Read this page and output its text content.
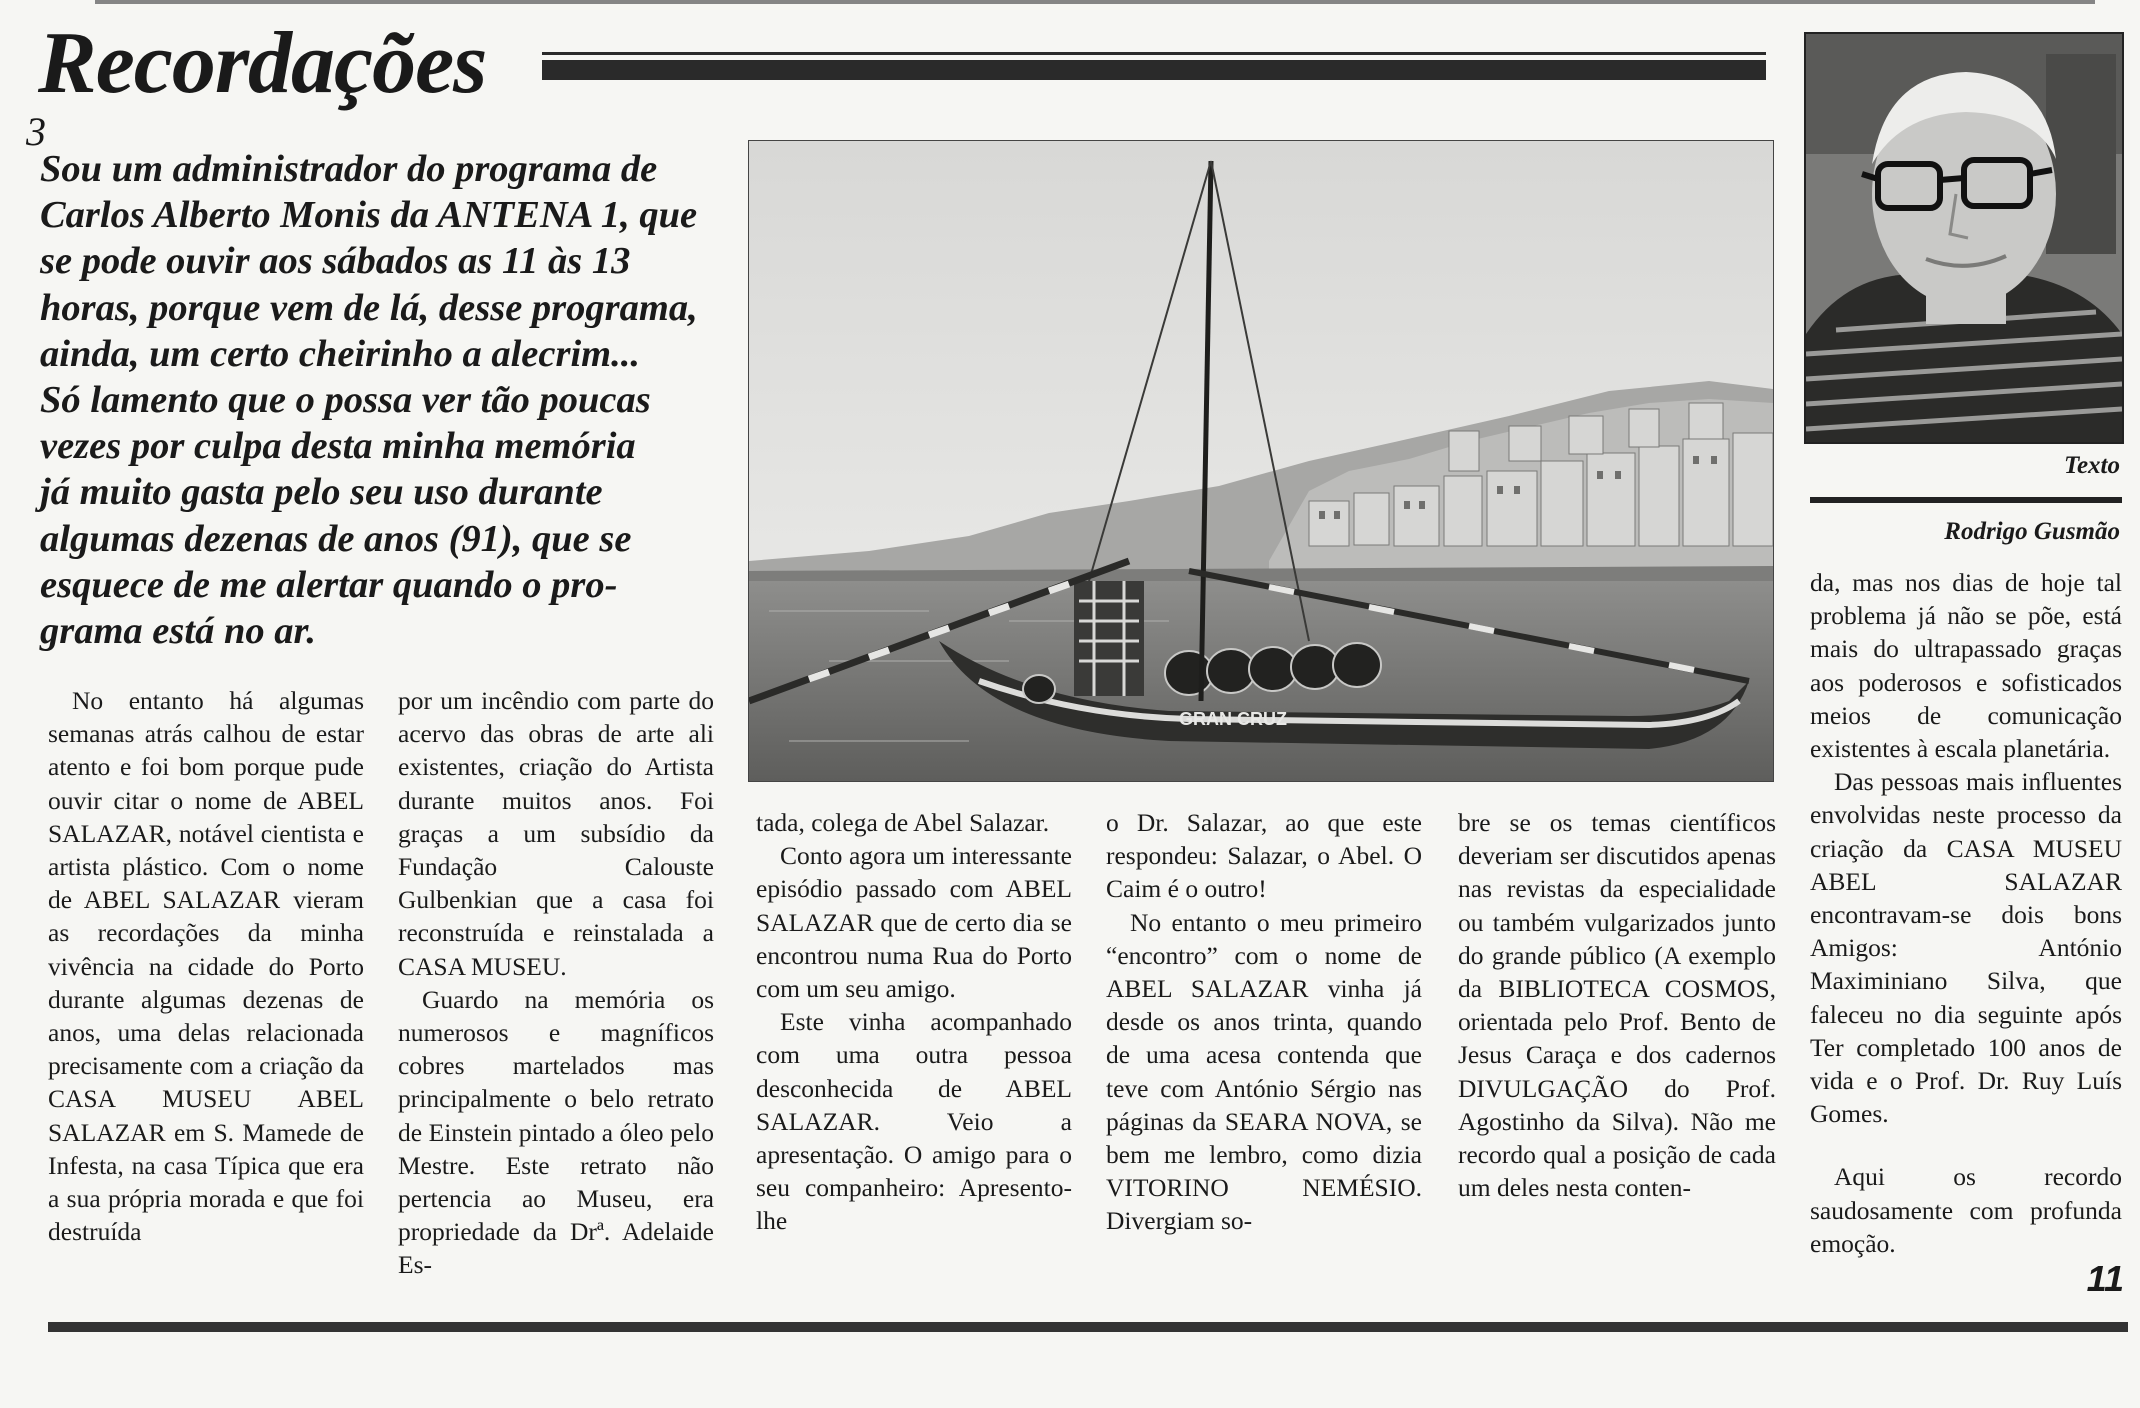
Recordações
3

Sou um administrador do programa de

Carlos Alberto Monis da ANTENA 1, que

se pode ouvir aos sábados as 11 às 13

horas, porque vem de lá, desse programa,

ainda, um certo cheirinho a alecrim...

Só lamento que o possa ver tão poucas

vezes por culpa desta minha memória

já muito gasta pelo seu uso durante

algumas dezenas de anos (91), que se

esquece de me alertar quando o pro-

grama está no ar.

GRAN CRUZ
Texto
Rodrigo Gusmão

No entanto há algumas semanas atrás calhou de estar atento e foi bom porque pude ouvir citar o nome de ABEL SALAZAR, notável cientista e artista plástico. Com o nome de ABEL SALAZAR vieram as recordações da minha vivência na cidade do Porto durante algumas dezenas de anos, uma delas relacionada precisamente com a criação da CASA MUSEU ABEL SALAZAR em S. Mamede de Infesta, na casa Típica que era a sua própria morada e que foi destruída

por um incêndio com parte do acervo das obras de arte ali existentes, criação do Artista durante muitos anos. Foi graças a um subsídio da Fundação Calouste Gulbenkian que a casa foi reconstruída e reinstalada a CASA MUSEU.

Guardo na memória os numerosos e magníficos cobres martelados mas principalmente o belo retrato de Einstein pintado a óleo pelo Mestre. Este retrato não pertencia ao Museu, era propriedade da Drª. Adelaide Es-

tada, colega de Abel Salazar.

Conto agora um interessante episódio passado com ABEL SALAZAR que de certo dia se encontrou numa Rua do Porto com um seu amigo.

Este vinha acompanhado com uma outra pessoa desconhecida de ABEL SALAZAR. Veio a apresentação. O amigo para o seu companheiro: Apresento-lhe

o Dr. Salazar, ao que este respondeu: Salazar, o Abel. O Caim é o outro!

No entanto o meu primeiro “encontro” com o nome de ABEL SALAZAR vinha já desde os anos trinta, quando de uma acesa contenda que teve com António Sérgio nas páginas da SEARA NOVA, se bem me lembro, como dizia VITORINO NEMÉSIO. Divergiam so-

bre se os temas científicos deveriam ser discutidos apenas nas revistas da especialidade ou também vulgarizados junto do grande público (A exemplo da BIBLIOTECA COSMOS, orientada pelo Prof. Bento de Jesus Caraça e dos cadernos DIVULGAÇÃO do Prof. Agostinho da Silva). Não me recordo qual a posição de cada um deles nesta conten-

da, mas nos dias de hoje tal problema já não se põe, está mais do ultrapassado graças aos poderosos e sofisticados meios de comunicação existentes à escala planetária.

Das pessoas mais influentes envolvidas neste processo da criação da CASA MUSEU ABEL SALAZAR encontravam-se dois bons Amigos: António Maximiniano Silva, que faleceu no dia seguinte após Ter completado 100 anos de vida e o Prof. Dr. Ruy Luís Gomes.

Aqui os recordo saudosamente com profunda emoção.

11
